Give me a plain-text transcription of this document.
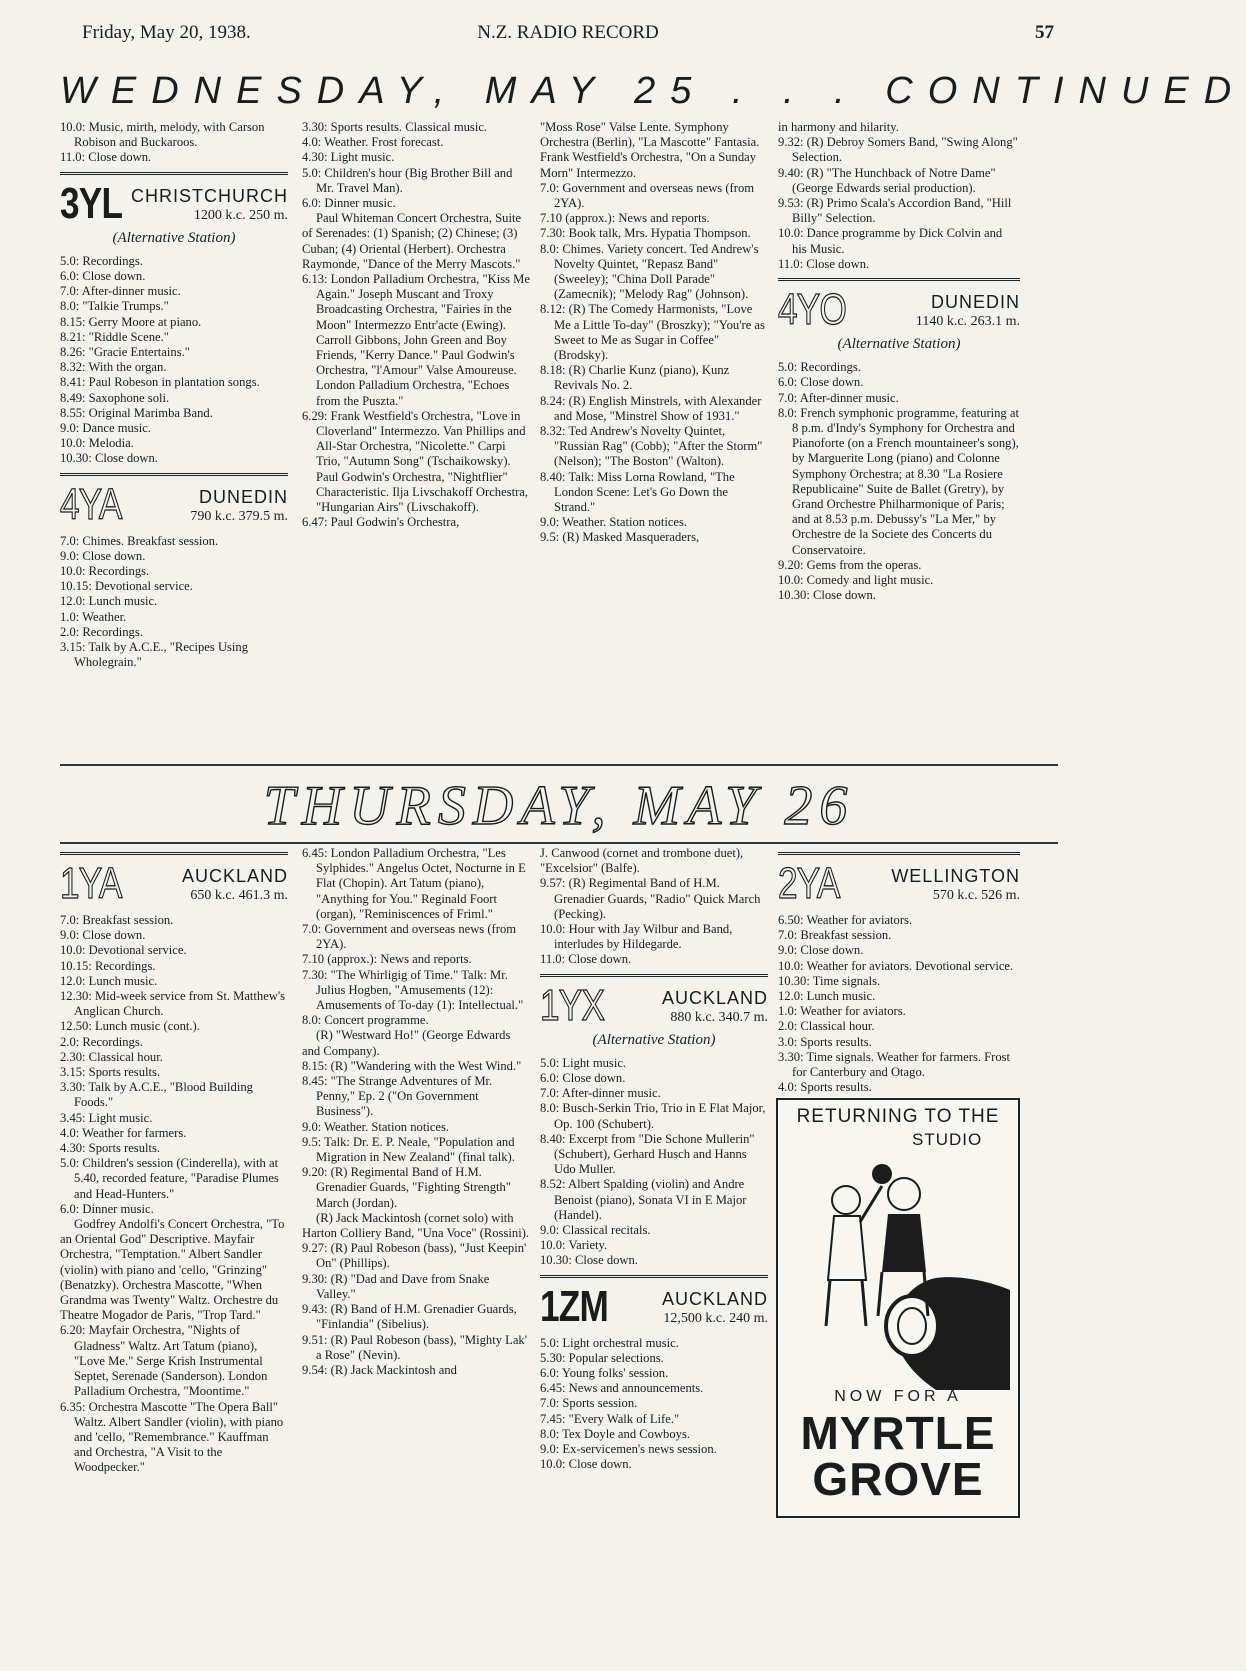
Friday, May 20, 1938.	N.Z. RADIO RECORD	57
WEDNESDAY, MAY 25 . . . CONTINUED

10.0: Music, mirth, melody, with Carson Robison and Buckaroos.

11.0: Close down.

3YL CHRISTCHURCH
1200 k.c. 250 m.
(Alternative Station)

5.0: Recordings.

6.0: Close down.

7.0: After-dinner music.

8.0: "Talkie Trumps."

8.15: Gerry Moore at piano.

8.21: "Riddle Scene."

8.26: "Gracie Entertains."

8.32: With the organ.

8.41: Paul Robeson in plantation songs.

8.49: Saxophone soli.

8.55: Original Marimba Band.

9.0: Dance music.

10.0: Melodia.

10.30: Close down.

4YA	DUNEDIN
790 k.c. 379.5 m.

7.0: Chimes. Breakfast session.

9.0: Close down.

10.0: Recordings.

10.15: Devotional service.

12.0: Lunch music.

1.0: Weather.

2.0: Recordings.

3.15: Talk by A.C.E., "Recipes Using Wholegrain."

3.30: Sports results. Classical music.

4.0: Weather. Frost forecast.

4.30: Light music.

5.0: Children's hour (Big Brother Bill and Mr. Travel Man).

6.0: Dinner music.

Paul Whiteman Concert Orchestra, Suite of Serenades: (1) Spanish; (2) Chinese; (3) Cuban; (4) Oriental (Herbert). Orchestra Raymonde, "Dance of the Merry Mascots."

6.13: London Palladium Orchestra, "Kiss Me Again." Joseph Muscant and Troxy Broadcasting Orchestra, "Fairies in the Moon" Intermezzo Entr'acte (Ewing). Carroll Gibbons, John Green and Boy Friends, "Kerry Dance." Paul Godwin's Orchestra, "l'Amour" Valse Amoureuse. London Palladium Orchestra, "Echoes from the Puszta."

6.29: Frank Westfield's Orchestra, "Love in Cloverland" Intermezzo. Van Phillips and All-Star Orchestra, "Nicolette." Carpi Trio, "Autumn Song" (Tschaikowsky). Paul Godwin's Orchestra, "Nightflier" Characteristic. Ilja Livschakoff Orchestra, "Hungarian Airs" (Livschakoff).

6.47: Paul Godwin's Orchestra,

"Moss Rose" Valse Lente. Symphony Orchestra (Berlin), "La Mascotte" Fantasia. Frank Westfield's Orchestra, "On a Sunday Morn" Intermezzo.

7.0: Government and overseas news (from 2YA).

7.10 (approx.): News and reports.

7.30: Book talk, Mrs. Hypatia Thompson.

8.0: Chimes. Variety concert. Ted Andrew's Novelty Quintet, "Repasz Band" (Sweeley); "China Doll Parade" (Zamecnik); "Melody Rag" (Johnson).

8.12: (R) The Comedy Harmonists, "Love Me a Little To-day" (Broszky); "You're as Sweet to Me as Sugar in Coffee" (Brodsky).

8.18: (R) Charlie Kunz (piano), Kunz Revivals No. 2.

8.24: (R) English Minstrels, with Alexander and Mose, "Minstrel Show of 1931."

8.32: Ted Andrew's Novelty Quintet, "Russian Rag" (Cobb); "After the Storm" (Nelson); "The Boston" (Walton).

8.40: Talk: Miss Lorna Rowland, "The London Scene: Let's Go Down the Strand."

9.0: Weather. Station notices.

9.5: (R) Masked Masqueraders,

in harmony and hilarity.

9.32: (R) Debroy Somers Band, "Swing Along" Selection.

9.40: (R) "The Hunchback of Notre Dame" (George Edwards serial production).

9.53: (R) Primo Scala's Accordion Band, "Hill Billy" Selection.

10.0: Dance programme by Dick Colvin and his Music.

11.0: Close down.

4YO	DUNEDIN
1140 k.c. 263.1 m.
(Alternative Station)

5.0: Recordings.

6.0: Close down.

7.0: After-dinner music.

8.0: French symphonic programme, featuring at 8 p.m. d'Indy's Symphony for Orchestra and Pianoforte (on a French mountaineer's song), by Marguerite Long (piano) and Colonne Symphony Orchestra; at 8.30 "La Rosiere Republicaine" Suite de Ballet (Gretry), by Grand Orchestre Philharmonique of Paris; and at 8.53 p.m. Debussy's "La Mer," by Orchestre de la Societe des Concerts du Conservatoire.

9.20: Gems from the operas.

10.0: Comedy and light music.

10.30: Close down.

THURSDAY, MAY 26
1YA	AUCKLAND
650 k.c. 461.3 m.

7.0: Breakfast session.

9.0: Close down.

10.0: Devotional service.

10.15: Recordings.

12.0: Lunch music.

12.30: Mid-week service from St. Matthew's Anglican Church.

12.50: Lunch music (cont.).

2.0: Recordings.

2.30: Classical hour.

3.15: Sports results.

3.30: Talk by A.C.E., "Blood Building Foods."

3.45: Light music.

4.0: Weather for farmers.

4.30: Sports results.

5.0: Children's session (Cinderella), with at 5.40, recorded feature, "Paradise Plumes and Head-Hunters."

6.0: Dinner music.

Godfrey Andolfi's Concert Orchestra, "To an Oriental God" Descriptive. Mayfair Orchestra, "Temptation." Albert Sandler (violin) with piano and 'cello, "Grinzing" (Benatzky). Orchestra Mascotte, "When Grandma was Twenty" Waltz. Orchestre du Theatre Mogador de Paris, "Trop Tard."

6.20: Mayfair Orchestra, "Nights of Gladness" Waltz. Art Tatum (piano), "Love Me." Serge Krish Instrumental Septet, Serenade (Sanderson). London Palladium Orchestra, "Moontime."

6.35: Orchestra Mascotte "The Opera Ball" Waltz. Albert Sandler (violin), with piano and 'cello, "Remembrance." Kauffman and Orchestra, "A Visit to the Woodpecker."

6.45: London Palladium Orchestra, "Les Sylphides." Angelus Octet, Nocturne in E Flat (Chopin). Art Tatum (piano), "Anything for You." Reginald Foort (organ), "Reminiscences of Friml."

7.0: Government and overseas news (from 2YA).

7.10 (approx.): News and reports.

7.30: "The Whirligig of Time." Talk: Mr. Julius Hogben, "Amusements (12): Amusements of To-day (1): Intellectual."

8.0: Concert programme.

(R) "Westward Ho!" (George Edwards and Company).

8.15: (R) "Wandering with the West Wind."

8.45: "The Strange Adventures of Mr. Penny," Ep. 2 ("On Government Business").

9.0: Weather. Station notices.

9.5: Talk: Dr. E. P. Neale, "Population and Migration in New Zealand" (final talk).

9.20: (R) Regimental Band of H.M. Grenadier Guards, "Fighting Strength" March (Jordan).

(R) Jack Mackintosh (cornet solo) with Harton Colliery Band, "Una Voce" (Rossini).

9.27: (R) Paul Robeson (bass), "Just Keepin' On" (Phillips).

9.30: (R) "Dad and Dave from Snake Valley."

9.43: (R) Band of H.M. Grenadier Guards, "Finlandia" (Sibelius).

9.51: (R) Paul Robeson (bass), "Mighty Lak' a Rose" (Nevin).

9.54: (R) Jack Mackintosh and

J. Canwood (cornet and trombone duet), "Excelsior" (Balfe).

9.57: (R) Regimental Band of H.M. Grenadier Guards, "Radio" Quick March (Pecking).

10.0: Hour with Jay Wilbur and Band, interludes by Hildegarde.

11.0: Close down.

1YX	AUCKLAND
880 k.c. 340.7 m.
(Alternative Station)

5.0: Light music.

6.0: Close down.

7.0: After-dinner music.

8.0: Busch-Serkin Trio, Trio in E Flat Major, Op. 100 (Schubert).

8.40: Excerpt from "Die Schone Mullerin" (Schubert), Gerhard Husch and Hanns Udo Muller.

8.52: Albert Spalding (violin) and Andre Benoist (piano), Sonata VI in E Major (Handel).

9.0: Classical recitals.

10.0: Variety.

10.30: Close down.

1ZM	AUCKLAND
12,500 k.c. 240 m.

5.0: Light orchestral music.

5.30: Popular selections.

6.0: Young folks' session.

6.45: News and announcements.

7.0: Sports session.

7.45: "Every Walk of Life."

8.0: Tex Doyle and Cowboys.

9.0: Ex-servicemen's news session.

10.0: Close down.

2YA	WELLINGTON
570 k.c. 526 m.

6.50: Weather for aviators.

7.0: Breakfast session.

9.0: Close down.

10.0: Weather for aviators. Devotional service.

10.30: Time signals.

12.0: Lunch music.

1.0: Weather for aviators.

2.0: Classical hour.

3.0: Sports results.

3.30: Time signals. Weather for farmers. Frost for Canterbury and Otago.

4.0: Sports results.

RETURNING TO THE
STUDIO
NOW FOR A
MYRTLE
GROVE
